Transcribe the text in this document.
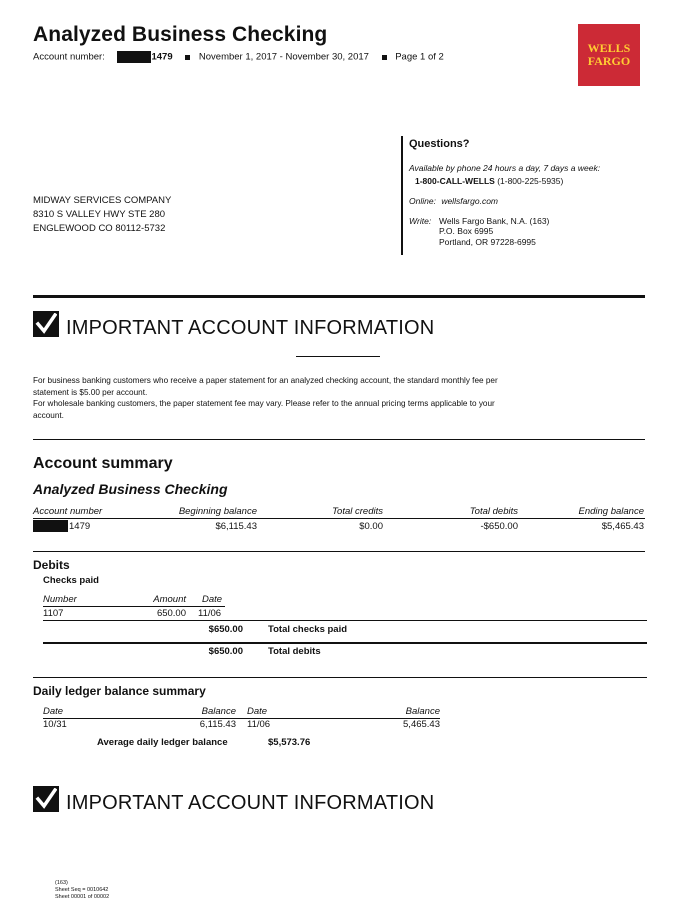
Analyzed Business Checking
Account number:	1479	November 1, 2017 - November 30, 2017	Page 1 of 2
WELLS
FARGO
Questions?
Available by phone 24 hours a day, 7 days a week:
1-800-CALL-WELLS (1-800-225-5935)
Online: wellsfargo.com
Write: Wells Fargo Bank, N.A. (163)
P.O. Box 6995
Portland, OR 97228-6995
MIDWAY SERVICES COMPANY
8310 S VALLEY HWY STE 280
ENGLEWOOD CO 80112-5732
IMPORTANT ACCOUNT INFORMATION
For business banking customers who receive a paper statement for an analyzed checking account, the standard monthly fee per statement is $5.00 per account.
For wholesale banking customers, the paper statement fee may vary. Please refer to the annual pricing terms applicable to your account.
Account summary
Analyzed Business Checking
Account number	Beginning balance	Total credits	Total debits	Ending balance
1479	$6,115.43	$0.00	-$650.00	$5,465.43
Debits
Checks paid
Number	Amount Date
1107	650.00 11/06
$650.00	Total checks paid
$650.00	Total debits
Daily ledger balance summary
Date	Balance Date	Balance
10/31	6,115.43 11/06	5,465.43
Average daily ledger balance	$5,573.76
IMPORTANT ACCOUNT INFORMATION
(163)
Sheet Seq = 0010642
Sheet 00001 of 00002
